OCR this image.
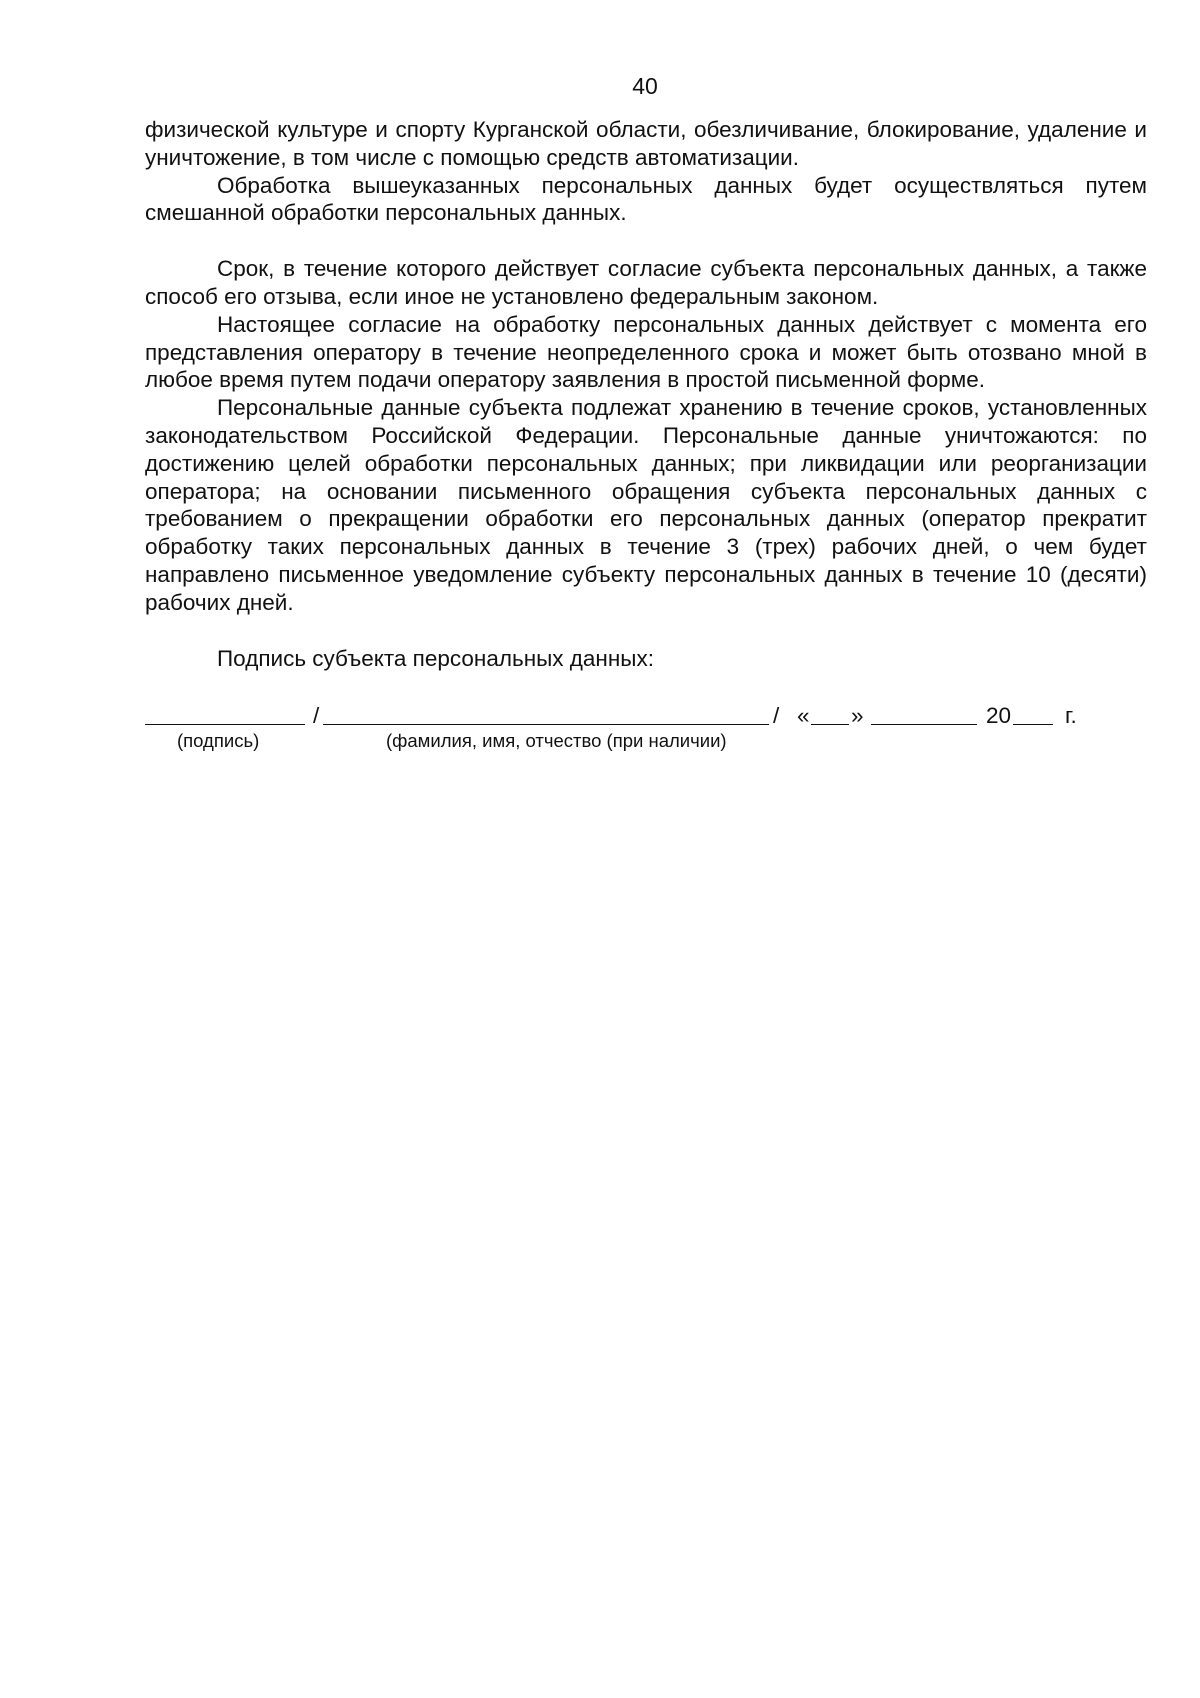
40

физической культуре и спорту Курганской области, обезличивание, блокирование, удаление и уничтожение, в том числе с помощью средств автоматизации.

Обработка вышеуказанных персональных данных будет осуществляться путем смешанной обработки персональных данных.

Срок, в течение которого действует согласие субъекта персональных данных, а также способ его отзыва, если иное не установлено федеральным законом.

Настоящее согласие на обработку персональных данных действует с момента его представления оператору в течение неопределенного срока и может быть отозвано мной в любое время путем подачи оператору заявления в простой письменной форме.

Персональные данные субъекта подлежат хранению в течение сроков, установленных законодательством Российской Федерации. Персональные данные уничтожаются: по достижению целей обработки персональных данных; при ликвидации или реорганизации оператора; на основании письменного обращения субъекта персональных данных с требованием о прекращении обработки его персональных данных (оператор прекратит обработку таких персональных данных в течение 3 (трех) рабочих дней, о чем будет направлено письменное уведомление субъекту персональных данных в течение 10 (десяти) рабочих дней.

Подпись субъекта персональных данных:

/	/ « »	20 г.
(подпись)	(фамилия, имя, отчество (при наличии)
